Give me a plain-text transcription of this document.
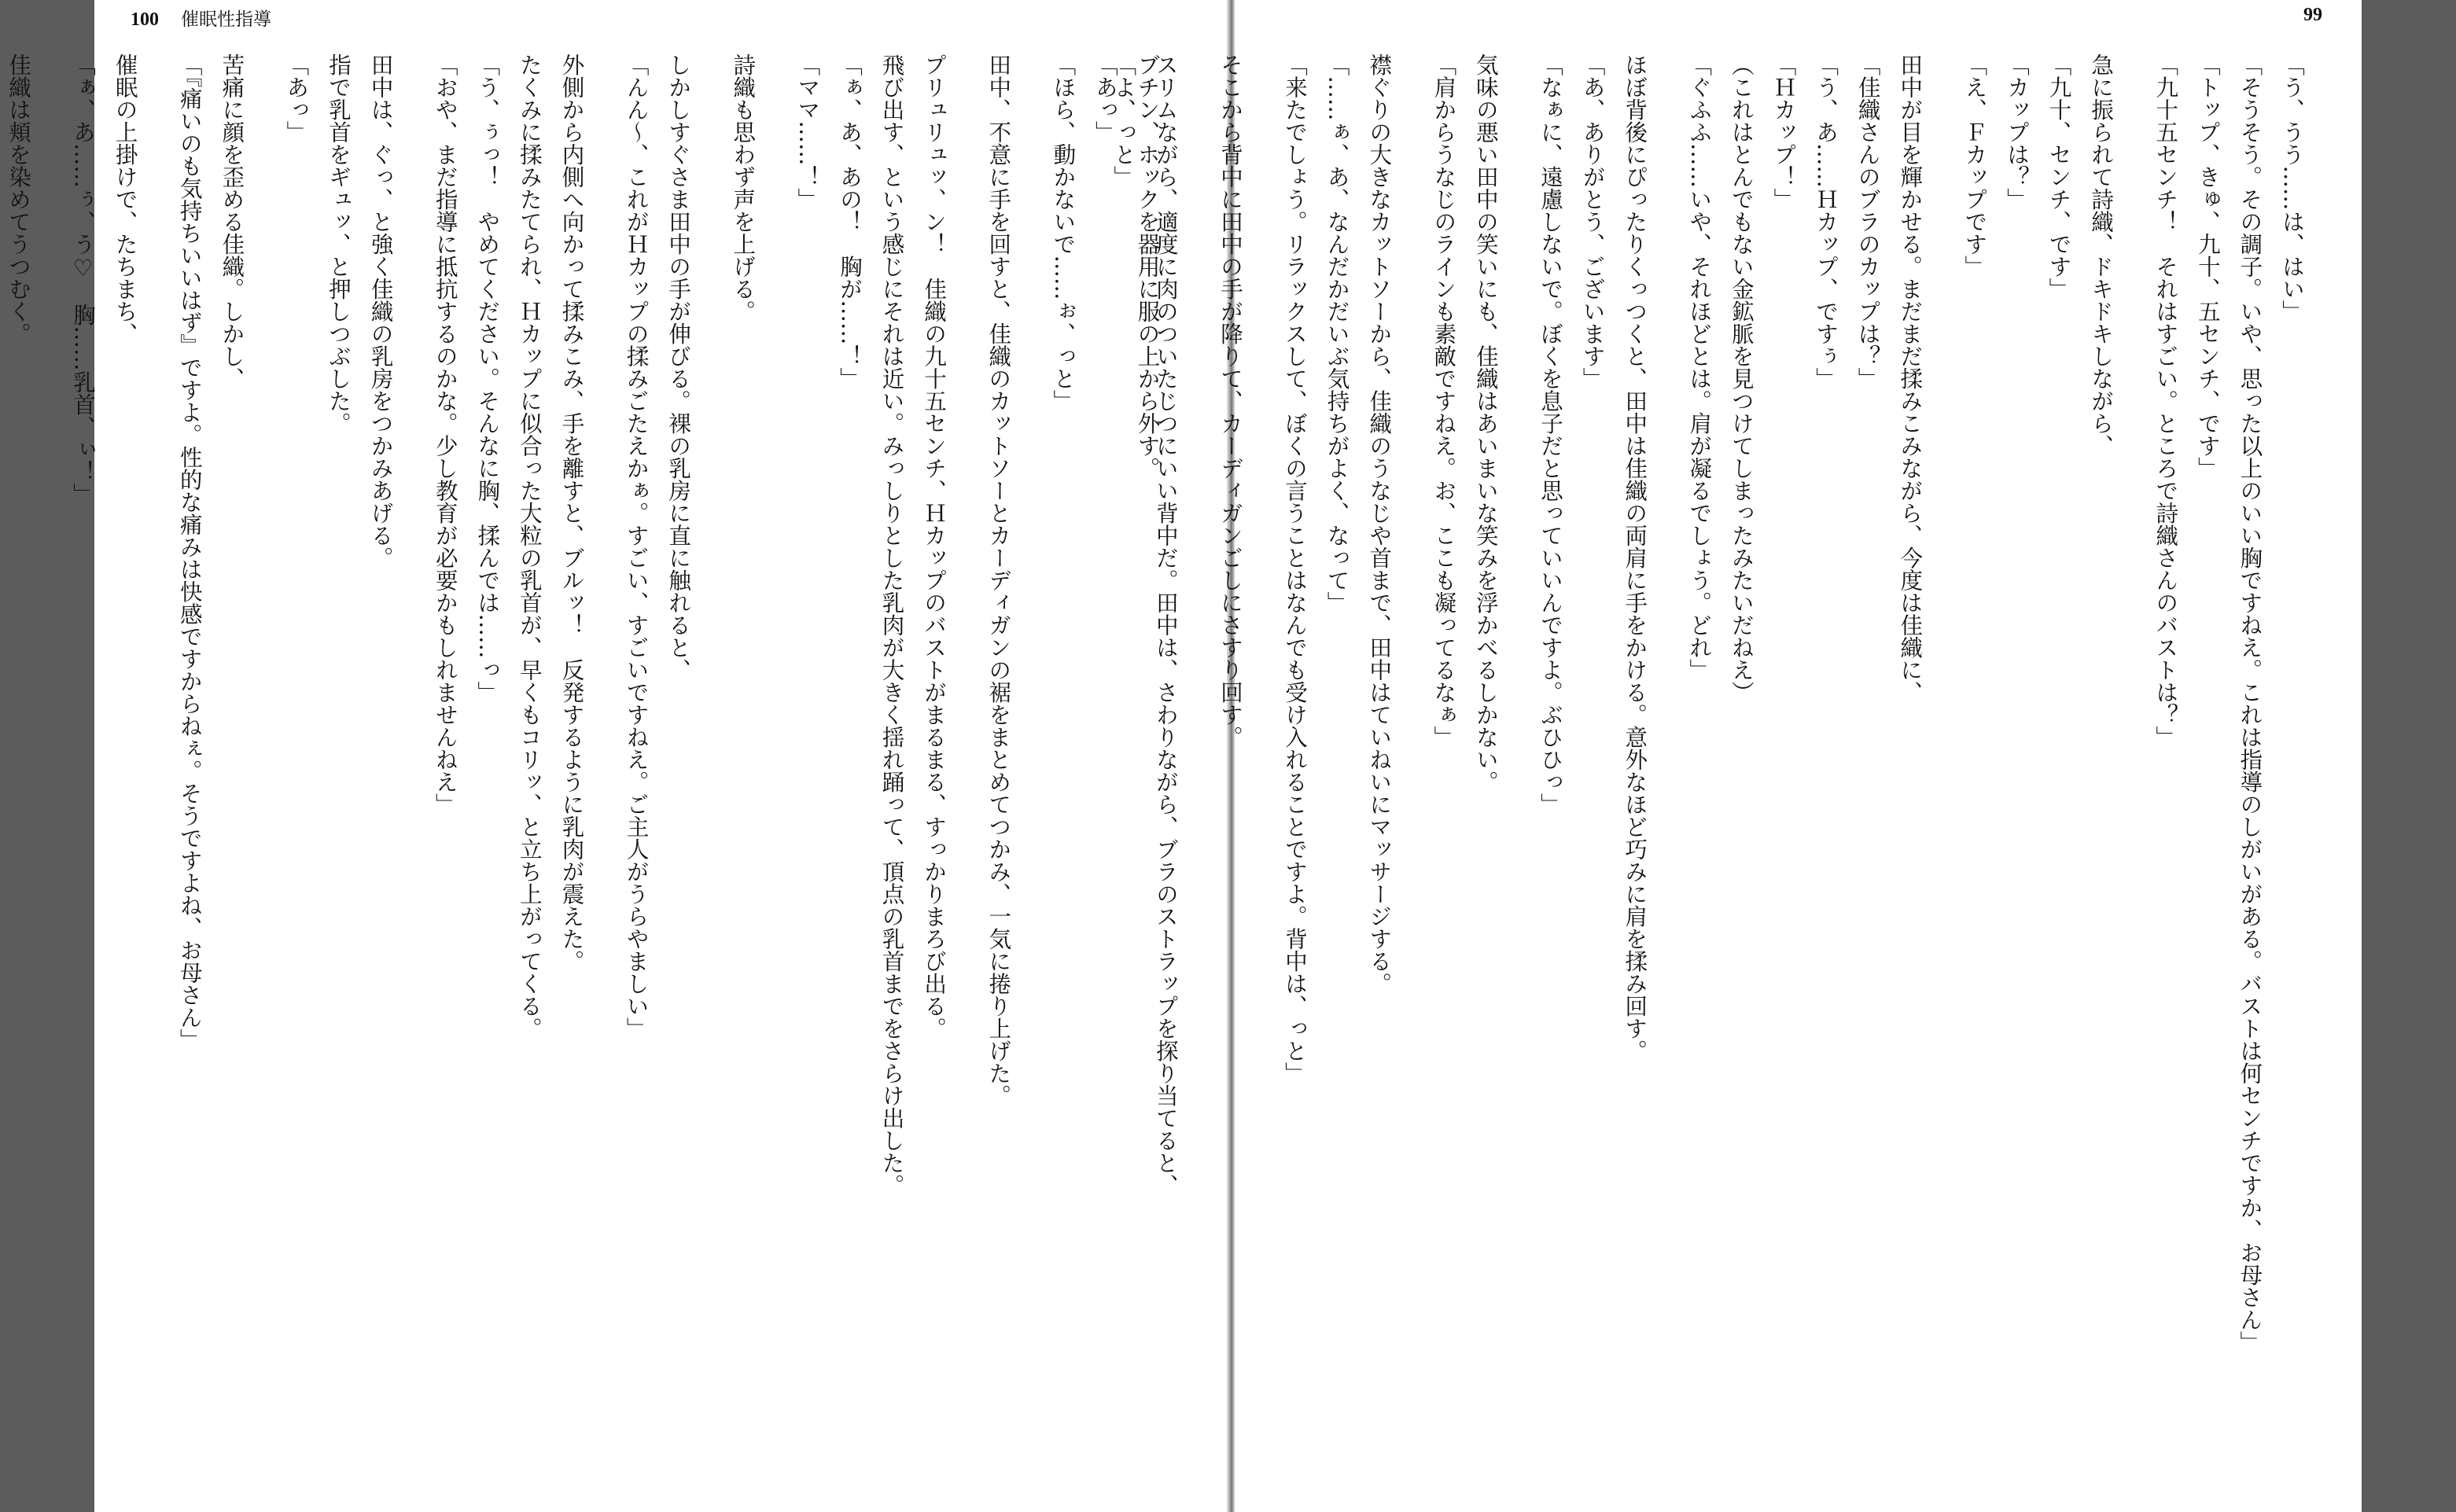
100 催眠性指導
ブチン、ホックを器用に服の上から外す。
「あっ」
「ほら、動かないで……ぉ、っと」
田中、不意に手を回すと、佳織のカットソーとカーディガンの裾をまとめてつかみ、一気に捲り上げた。
プリュリュッ、ン！　佳織の九十五センチ、Ｈカップのバストがまるまる、すっかりまろび出る。
飛び出す、という感じにそれは近い。みっしりとした乳肉が大きく揺れ踊って、頂点の乳首までをさらけ出した。
「ぁ、あ、あの！　胸が……！」
「ママ……！」
詩織も思わず声を上げる。
しかしすぐさま田中の手が伸びる。裸の乳房に直に触れると、
「んん〜、これがＨカップの揉みごたえかぁ。すごい、すごいですねえ。ご主人がうらやましい」
外側から内側へ向かって揉みこみ、手を離すと、ブルッ！　反発するように乳肉が震えた。
たくみに揉みたてられ、Ｈカップに似合った大粒の乳首が、早くもコリッ、と立ち上がってくる。
「う、ぅっ！　やめてください。そんなに胸、揉んでは……っ」
「おや、まだ指導に抵抗するのかな。少し教育が必要かもしれませんねえ」
田中は、ぐっ、と強く佳織の乳房をつかみあげる。
指で乳首をギュッ、と押しつぶした。
「あっ」
苦痛に顔を歪める佳織。しかし、
「『痛いのも気持ちいいはず』ですよ。性的な痛みは快感ですからねぇ。そうですよね、お母さん」
催眠の上掛けで、たちまち、
「ぁ、あ……ぅ、う♡　胸……乳首、ぃ！」
佳織は頬を染めてうつむく。
99
「う、うう……は、はい」
「そうそう。その調子。いや、思った以上のいい胸ですねえ。これは指導のしがいがある。バストは何センチですか、お母さん」
「トップ、きゅ、九十、五センチ、です」
「九十五センチ！　それはすごい。ところで詩織さんのバストは？」
急に振られて詩織、ドキドキしながら、
「九十、センチ、です」
「カップは？」
「え、Ｆカップです」
田中が目を輝かせる。まだまだ揉みこみながら、今度は佳織に、
「佳織さんのブラのカップは？」
「う、あ……Ｈカップ、ですぅ」
「Ｈカップ！」
（これはとんでもない金鉱脈を見つけてしまったみたいだねえ）
「ぐふふ……いや、それほどとは。肩が凝るでしょう。どれ」
ほぼ背後にぴったりくっつくと、田中は佳織の両肩に手をかける。意外なほど巧みに肩を揉み回す。
「あ、ありがとう、ございます」
「なぁに、遠慮しないで。ぼくを息子だと思っていいんですよ。ぶひひっ」
気味の悪い田中の笑いにも、佳織はあいまいな笑みを浮かべるしかない。
「肩からうなじのラインも素敵ですねえ。お、ここも凝ってるなぁ」
襟ぐりの大きなカットソーから、佳織のうなじや首まで、田中はていねいにマッサージする。
「……ぁ、あ、なんだかだいぶ気持ちがよく、なって」
「来たでしょう。リラックスして、ぼくの言うことはなんでも受け入れることですよ。背中は、っと」
そこから背中に田中の手が降りて、カーディガンごしにさすり回す。
スリムながら、適度に肉のついたじつにいい背中だ。田中は、さわりながら、ブラのストラップを探り当てると、
「よ、っと」
